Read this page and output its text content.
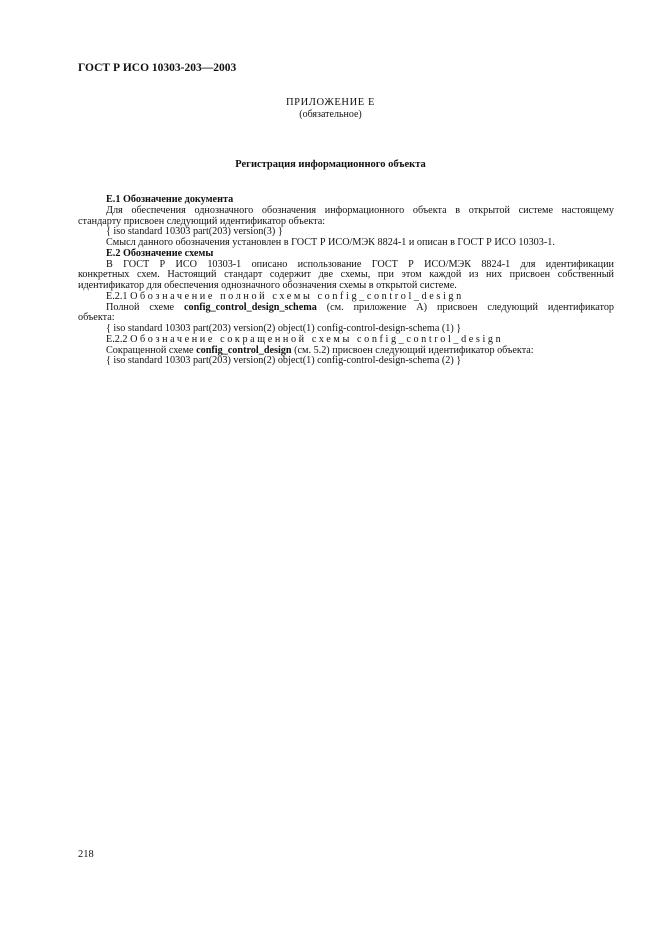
ГОСТ Р ИСО 10303-203—2003
ПРИЛОЖЕНИЕ Е
(обязательное)
Регистрация информационного объекта
Е.1 Обозначение документа
Для обеспечения однозначного обозначения информационного объекта в открытой системе настоящему
стандарту присвоен следующий идентификатор объекта:
{ iso standard 10303 part(203) version(3) }
Смысл данного обозначения установлен в ГОСТ Р ИСО/МЭК 8824-1 и описан в ГОСТ Р ИСО 10303-1.
Е.2 Обозначение схемы
В ГОСТ Р ИСО 10303-1 описано использование ГОСТ Р ИСО/МЭК 8824-1 для идентификации
конкретных схем. Настоящий стандарт содержит две схемы, при этом каждой из них присвоен собственный
идентификатор для обеспечения однозначного обозначения схемы в открытой системе.
Е.2.1 Обозначение полной схемы config_control_design
Полной схеме config_control_design_schema (см. приложение А) присвоен следующий идентификатор
объекта:
{ iso standard 10303 part(203) version(2) object(1) config-control-design-schema (1) }
Е.2.2 Обозначение сокращенной схемы config_control_design
Сокращенной схеме config_control_design (см. 5.2) присвоен следующий идентификатор объекта:
{ iso standard 10303 part(203) version(2) object(1) config-control-design-schema (2) }
218
